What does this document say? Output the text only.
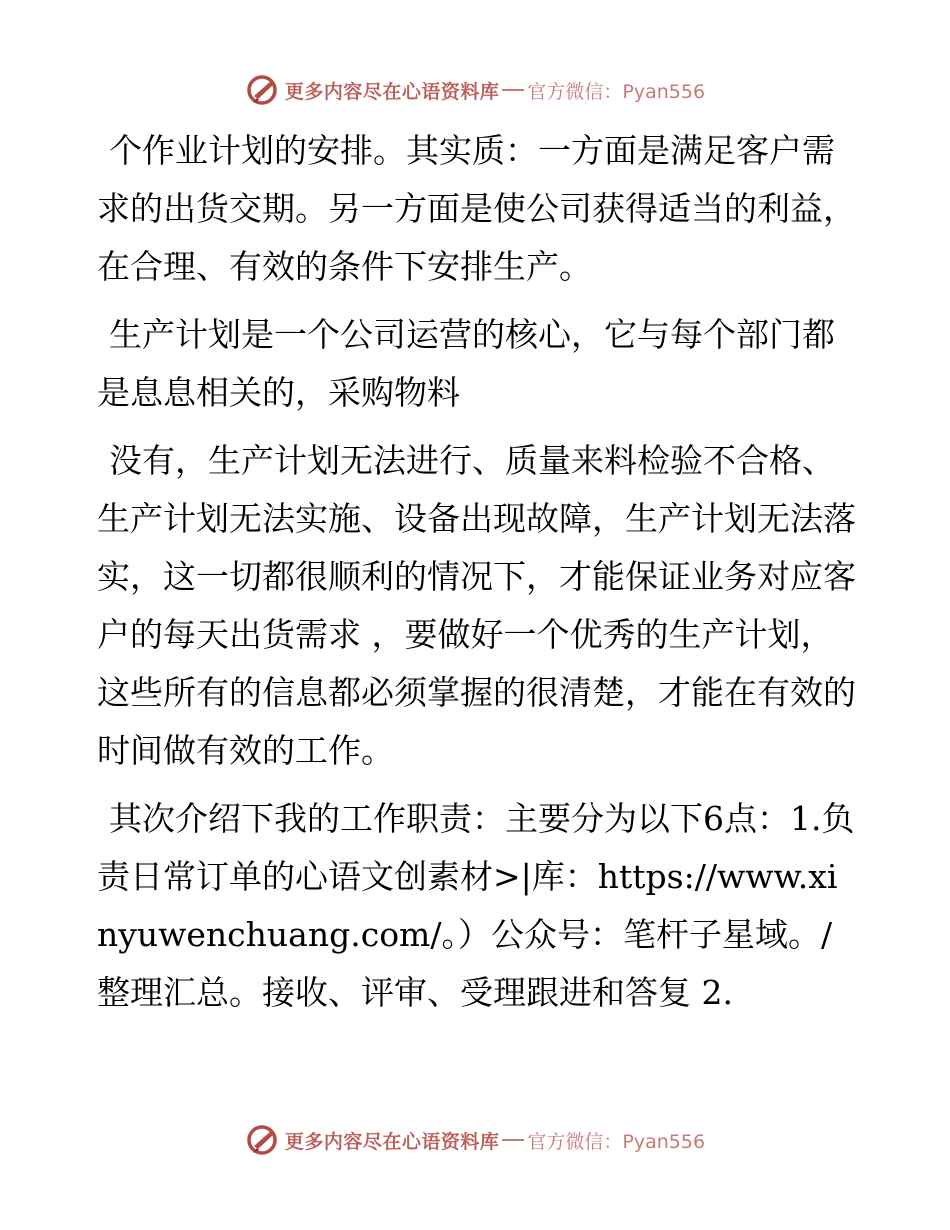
更多内容尽在心语资料库 官方微信：Pyan556

个作业计划的安排。其实质：一方面是满足客户需求的出货交期。另一方面是使公司获得适当的利益，在合理、有效的条件下安排生产。

生产计划是一个公司运营的核心，它与每个部门都是息息相关的，采购物料

没有，生产计划无法进行、质量来料检验不合格、生产计划无法实施、设备出现故障，生产计划无法落实，这一切都很顺利的情况下，才能保证业务对应客户的每天出货需求 ，要做好一个优秀的生产计划，这些所有的信息都必须掌握的很清楚，才能在有效的时间做有效的工作。

其次介绍下我的工作职责：主要分为以下6点：1.负责日常订单的心语文创素材>|库：https://www.xinyuwenchuang.com/。）公众号：笔杆子星域。/整理汇总。接收、评审、受理跟进和答复 2.

更多内容尽在心语资料库 官方微信：Pyan556
